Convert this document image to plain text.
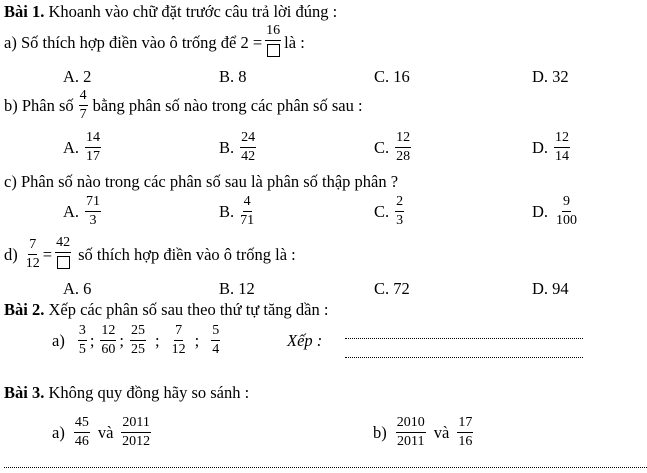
Bài 1. Khoanh vào chữ đặt trước câu trả lời đúng :
a) Số thích hợp điền vào ô trống để 2 =
16
là :
A. 2	B. 8	C. 16	D. 32
b) Phân số $\frac{4}{7}$ bằng phân số nào trong các phân số sau :
A. $\frac{14}{17}$	B. $\frac{24}{42}$	C. $\frac{12}{28}$	D. $\frac{12}{14}$
c) Phân số nào trong các phân số sau là phân số thập phân ?
A. $\frac{71}{3}$	B. $\frac{4}{71}$	C. $\frac{2}{3}$	D. $\frac{9}{100}$
$d) \frac{7}{12}$ =
42
số thích hợp điền vào ô trống là :
A. 6	B. 12	C. 72	D. 94
Bài 2. Xếp các phân số sau theo thứ tự tăng dần :
$a) \frac{3}{5}$ ; $\frac{12}{60}$ ; $\frac{25}{25}$ ; $\frac{7}{12}$ ; $\frac{5}{4}$	Xếp :
Bài 3. Không quy đồng hãy so sánh :
$a) \frac{45}{46}$ và $\frac{2011}{2012}$	$b) \frac{2010}{2011}$ và $\frac{17}{16}$
